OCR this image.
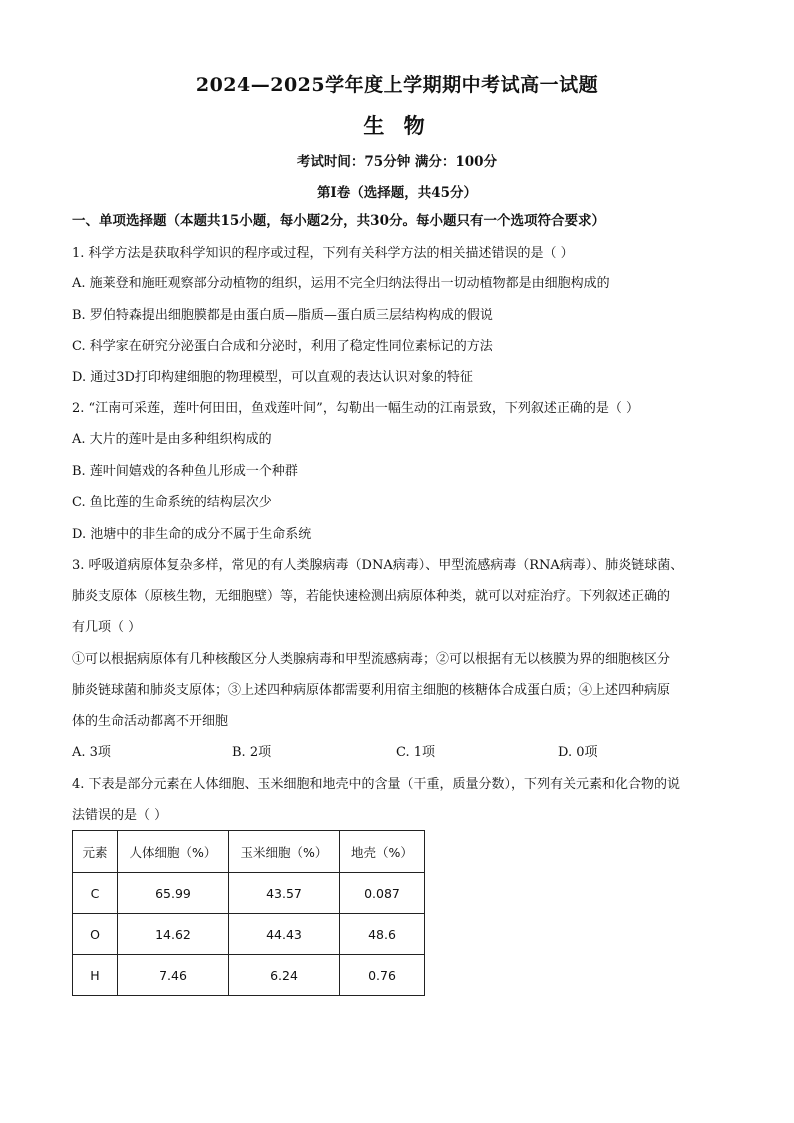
2024—2025学年度上学期期中考试高一试题
生 物
考试时间：75分钟 满分：100分
第I卷（选择题，共45分）
一、单项选择题（本题共15小题，每小题2分，共30分。每小题只有一个选项符合要求）
1. 科学方法是获取科学知识的程序或过程，下列有关科学方法的相关描述错误的是（ ）
A. 施莱登和施旺观察部分动植物的组织，运用不完全归纳法得出一切动植物都是由细胞构成的
B. 罗伯特森提出细胞膜都是由蛋白质—脂质—蛋白质三层结构构成的假说
C. 科学家在研究分泌蛋白合成和分泌时，利用了稳定性同位素标记的方法
D. 通过3D打印构建细胞的物理模型，可以直观的表达认识对象的特征
2. “江南可采莲，莲叶何田田，鱼戏莲叶间”，勾勒出一幅生动的江南景致，下列叙述正确的是（ ）
A. 大片的莲叶是由多种组织构成的
B. 莲叶间嬉戏的各种鱼儿形成一个种群
C. 鱼比莲的生命系统的结构层次少
D. 池塘中的非生命的成分不属于生命系统
3. 呼吸道病原体复杂多样，常见的有人类腺病毒（DNA病毒）、甲型流感病毒（RNA病毒）、肺炎链球菌、
肺炎支原体（原核生物，无细胞壁）等，若能快速检测出病原体种类，就可以对症治疗。下列叙述正确的
有几项（ ）
①可以根据病原体有几种核酸区分人类腺病毒和甲型流感病毒；②可以根据有无以核膜为界的细胞核区分
肺炎链球菌和肺炎支原体；③上述四种病原体都需要利用宿主细胞的核糖体合成蛋白质；④上述四种病原
体的生命活动都离不开细胞
A. 3项	B. 2项	C. 1项	D. 0项
4. 下表是部分元素在人体细胞、玉米细胞和地壳中的含量（干重，质量分数），下列有关元素和化合物的说
法错误的是（ ）
元素	人体细胞（%）	玉米细胞（%）	地壳（%）
C	65.99	43.57	0.087
O	14.62	44.43	48.6
H	7.46	6.24	0.76
